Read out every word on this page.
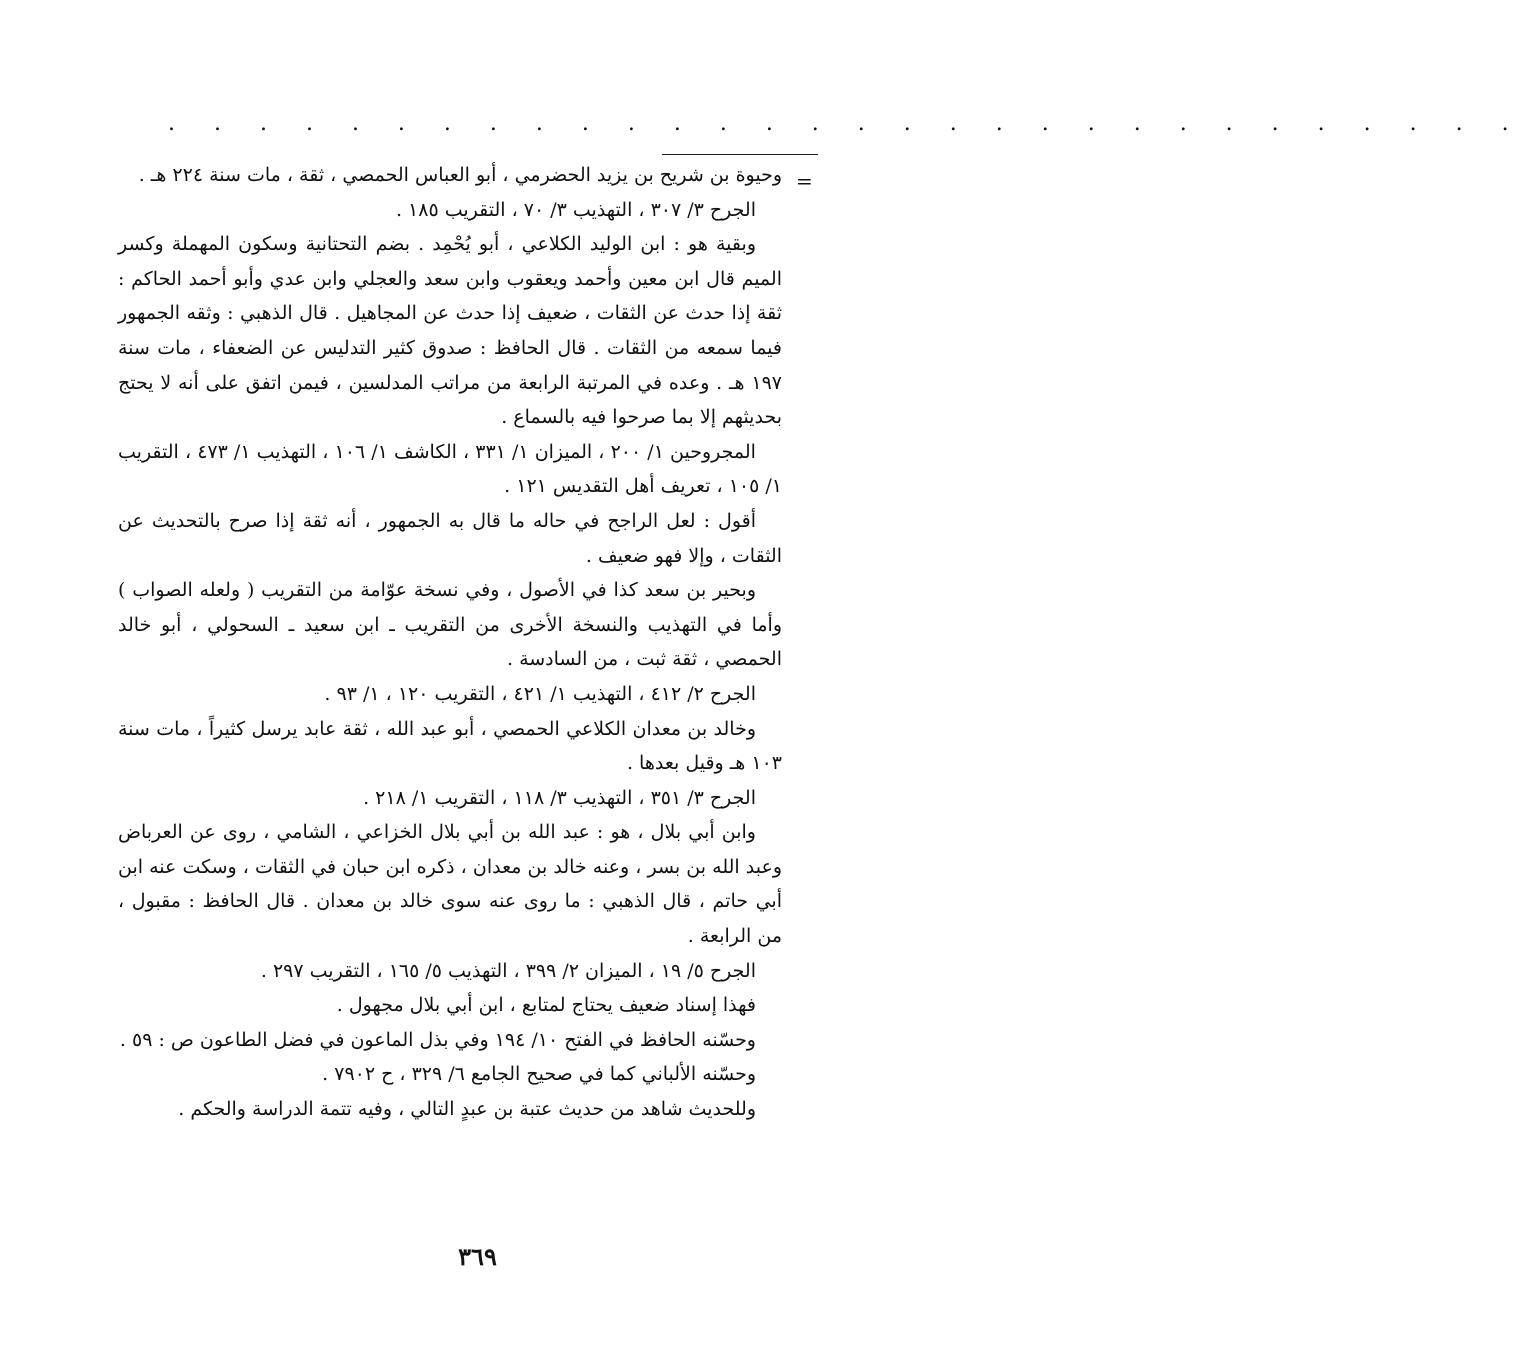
. . . . . . . . . . . . . . . . . . . . . . . . . . . . . .
=

وحيوة بن شريح بن يزيد الحضرمي ، أبو العباس الحمصي ، ثقة ، مات سنة ٢٢٤ هـ .

الجرح ٣/ ٣٠٧ ، التهذيب ٣/ ٧٠ ، التقريب ١٨٥ .

وبقية هو : ابن الوليد الكلاعي ، أبو يُحْمِد . بضم التحتانية وسكون المهملة وكسر الميم قال ابن معين وأحمد ويعقوب وابن سعد والعجلي وابن عدي وأبو أحمد الحاكم : ثقة إذا حدث عن الثقات ، ضعيف إذا حدث عن المجاهيل . قال الذهبي : وثقه الجمهور فيما سمعه من الثقات . قال الحافظ : صدوق كثير التدليس عن الضعفاء ، مات سنة ١٩٧ هـ . وعده في المرتبة الرابعة من مراتب المدلسين ، فيمن اتفق على أنه لا يحتج بحديثهم إلا بما صرحوا فيه بالسماع .

المجروحين ١/ ٢٠٠ ، الميزان ١/ ٣٣١ ، الكاشف ١/ ١٠٦ ، التهذيب ١/ ٤٧٣ ، التقريب ١/ ١٠٥ ، تعريف أهل التقديس ١٢١ .

أقول : لعل الراجح في حاله ما قال به الجمهور ، أنه ثقة إذا صرح بالتحديث عن الثقات ، وإلا فهو ضعيف .

وبحير بن سعد كذا في الأصول ، وفي نسخة عوّامة من التقريب ( ولعله الصواب ) وأما في التهذيب والنسخة الأخرى من التقريب ـ ابن سعيد ـ السحولي ، أبو خالد الحمصي ، ثقة ثبت ، من السادسة .

الجرح ٢/ ٤١٢ ، التهذيب ١/ ٤٢١ ، التقريب ١٢٠ ، ١/ ٩٣ .

وخالد بن معدان الكلاعي الحمصي ، أبو عبد الله ، ثقة عابد يرسل كثيراً ، مات سنة ١٠٣ هـ وقيل بعدها .

الجرح ٣/ ٣٥١ ، التهذيب ٣/ ١١٨ ، التقريب ١/ ٢١٨ .

وابن أبي بلال ، هو : عبد الله بن أبي بلال الخزاعي ، الشامي ، روى عن العرباض وعبد الله بن بسر ، وعنه خالد بن معدان ، ذكره ابن حبان في الثقات ، وسكت عنه ابن أبي حاتم ، قال الذهبي : ما روى عنه سوى خالد بن معدان . قال الحافظ : مقبول ، من الرابعة .

الجرح ٥/ ١٩ ، الميزان ٢/ ٣٩٩ ، التهذيب ٥/ ١٦٥ ، التقريب ٢٩٧ .

فهذا إسناد ضعيف يحتاج لمتابع ، ابن أبي بلال مجهول .

وحسّنه الحافظ في الفتح ١٠/ ١٩٤ وفي بذل الماعون في فضل الطاعون ص : ٥٩ .

وحسّنه الألباني كما في صحيح الجامع ٦/ ٣٢٩ ، ح ٧٩٠٢ .

وللحديث شاهد من حديث عتبة بن عبدٍ التالي ، وفيه تتمة الدراسة والحكم .

٣٦٩
